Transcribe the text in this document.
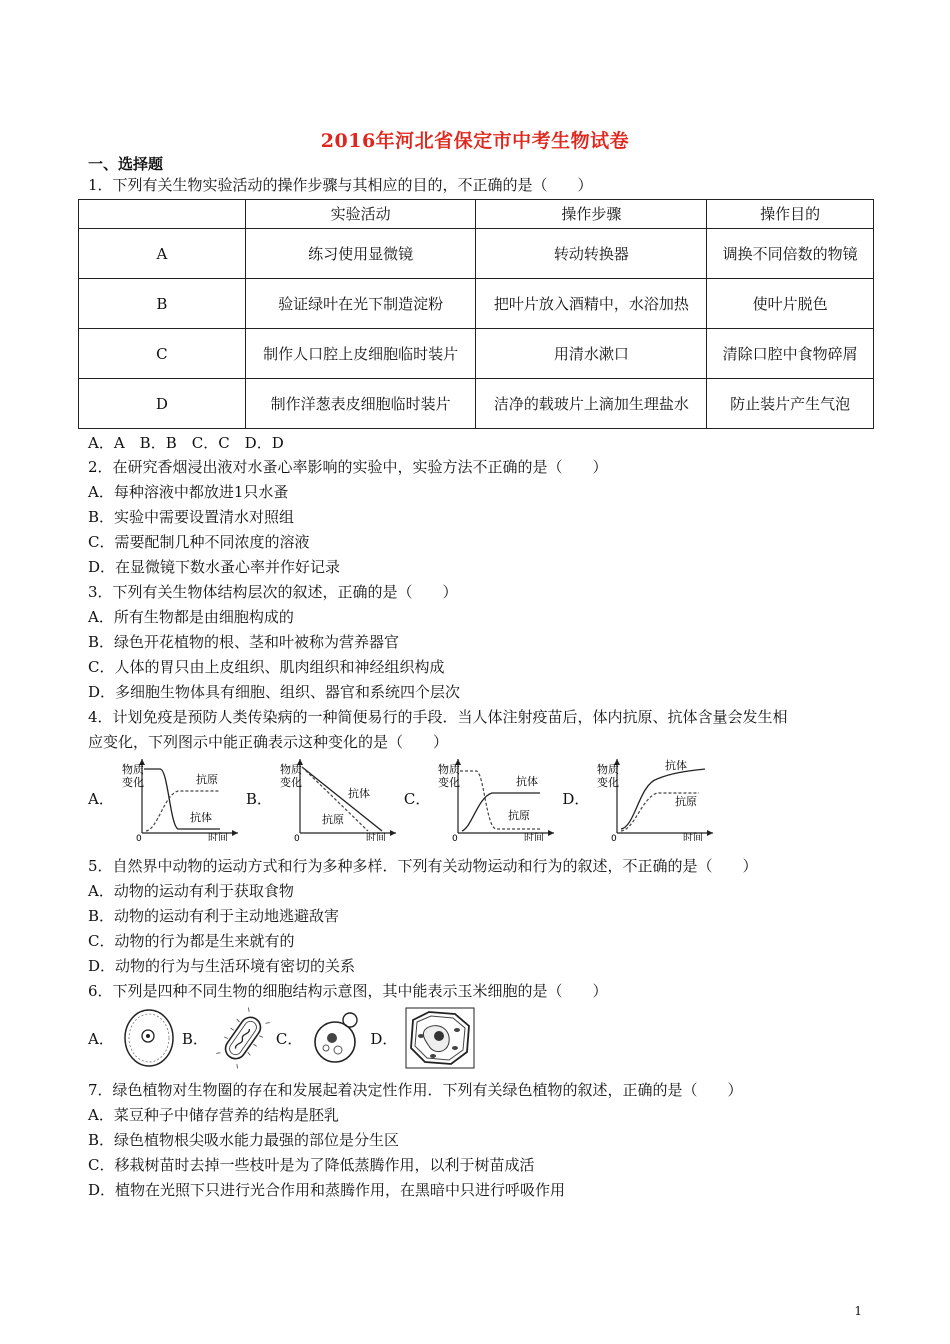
2016年河北省保定市中考生物试卷
一、选择题
1．下列有关生物实验活动的操作步骤与其相应的目的，不正确的是（　　）
	实验活动	操作步骤	操作目的
A	练习使用显微镜	转动转换器	调换不同倍数的物镜
B	验证绿叶在光下制造淀粉	把叶片放入酒精中，水浴加热	使叶片脱色
C	制作人口腔上皮细胞临时装片	用清水漱口	清除口腔中食物碎屑
D	制作洋葱表皮细胞临时装片	洁净的载玻片上滴加生理盐水	防止装片产生气泡
A．A　B．B　C．C　D．D
2．在研究香烟浸出液对水蚤心率影响的实验中，实验方法不正确的是（　　）
A．每种溶液中都放进1只水蚤
B．实验中需要设置清水对照组
C．需要配制几种不同浓度的溶液
D．在显微镜下数水蚤心率并作好记录
3．下列有关生物体结构层次的叙述，正确的是（　　）
A．所有生物都是由细胞构成的
B．绿色开花植物的根、茎和叶被称为营养器官
C．人体的胃只由上皮组织、肌肉组织和神经组织构成
D．多细胞生物体具有细胞、组织、器官和系统四个层次
4．计划免疫是预防人类传染病的一种简便易行的手段．当人体注射疫苗后，体内抗原、抗体含量会发生相
应变化，下列图示中能正确表示这种变化的是（　　）
A．
物质
变化
0	时间
抗原
抗体
B．
物质
变化
0	时间
抗体
抗原
C．
物质
变化
0	时间
抗体
抗原
D．
物质
变化
0	时间
抗体
抗原
5．自然界中动物的运动方式和行为多种多样．下列有关动物运动和行为的叙述，不正确的是（　　）
A．动物的运动有利于获取食物
B．动物的运动有利于主动地逃避敌害
C．动物的行为都是生来就有的
D．动物的行为与生活环境有密切的关系
6．下列是四种不同生物的细胞结构示意图，其中能表示玉米细胞的是（　　）
A．	B．	C．	D．
7．绿色植物对生物圈的存在和发展起着决定性作用．下列有关绿色植物的叙述，正确的是（　　）
A．菜豆种子中储存营养的结构是胚乳
B．绿色植物根尖吸水能力最强的部位是分生区
C．移栽树苗时去掉一些枝叶是为了降低蒸腾作用，以利于树苗成活
D．植物在光照下只进行光合作用和蒸腾作用，在黑暗中只进行呼吸作用
1
